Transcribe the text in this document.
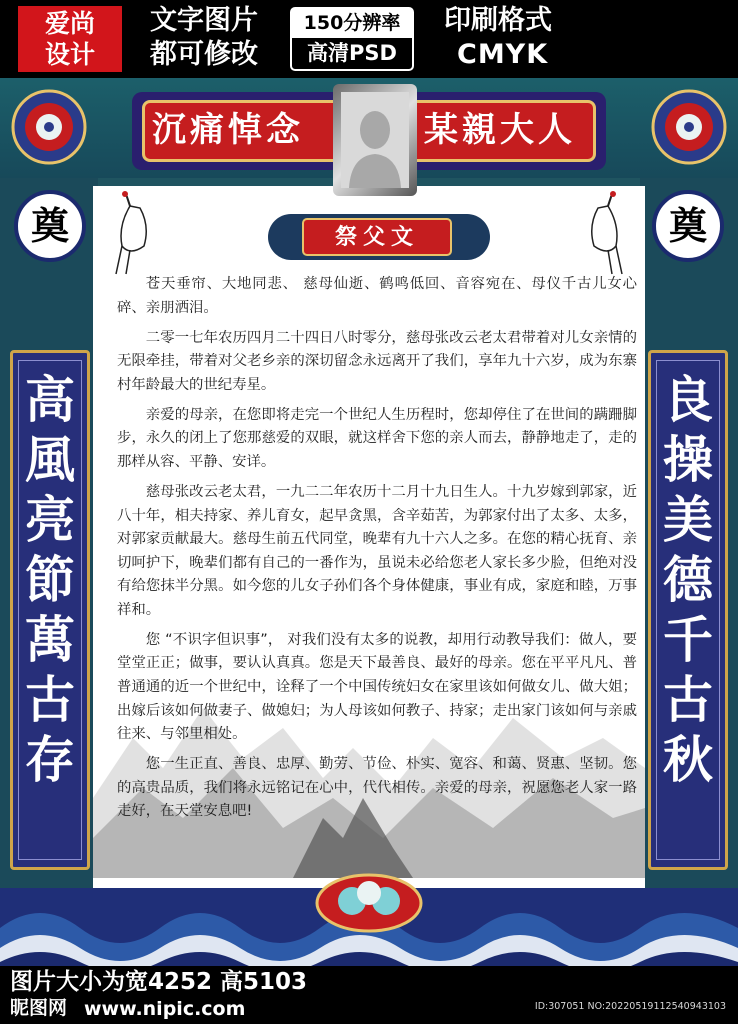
爱尚
设计
文字图片
都可修改
150分辨率
高清PSD
印刷格式
CMYK
沉痛悼念	某親大人
祭父文
奠	奠
高風亮節萬古存
良操美德千古秋

苍天垂帘、大地同悲、 慈母仙逝、鹤鸣低回、音容宛在、母仪千古儿女心碎、亲朋洒泪。

二零一七年农历四月二十四日八时零分，慈母张改云老太君带着对儿女亲情的无限牵挂，带着对父老乡亲的深切留念永远离开了我们，享年九十六岁，成为东寨村年龄最大的世纪寿星。

亲爱的母亲，在您即将走完一个世纪人生历程时，您却停住了在世间的蹒跚脚步，永久的闭上了您那慈爱的双眼，就这样舍下您的亲人而去，静静地走了，走的那样从容、平静、安详。

慈母张改云老太君，一九二二年农历十二月十九日生人。十九岁嫁到郭家，近八十年，相夫持家、养儿育女，起早贪黑，含辛茹苦，为郭家付出了太多、太多，对郭家贡献最大。慈母生前五代同堂，晚辈有九十六人之多。在您的精心抚育、亲切呵护下，晚辈们都有自己的一番作为，虽说未必给您老人家长多少脸，但绝对没有给您抹半分黑。如今您的儿女子孙们各个身体健康，事业有成，家庭和睦，万事祥和。

您 “不识字但识事”， 对我们没有太多的说教，却用行动教导我们：做人，要堂堂正正；做事，要认认真真。您是天下最善良、最好的母亲。您在平平凡凡、普普通通的近一个世纪中，诠释了一个中国传统妇女在家里该如何做女儿、做大姐；出嫁后该如何做妻子、做媳妇；为人母该如何教子、持家；走出家门该如何与亲戚往来、与邻里相处。

您一生正直、善良、忠厚、勤劳、节俭、朴实、宽容、和蔼、贤惠、坚韧。您的高贵品质，我们将永远铭记在心中，代代相传。亲爱的母亲，祝愿您老人家一路走好，在天堂安息吧!

图片大小为宽4252 高5103
昵图网 www.nipic.com	ID:307051 NO:20220519112540943103
